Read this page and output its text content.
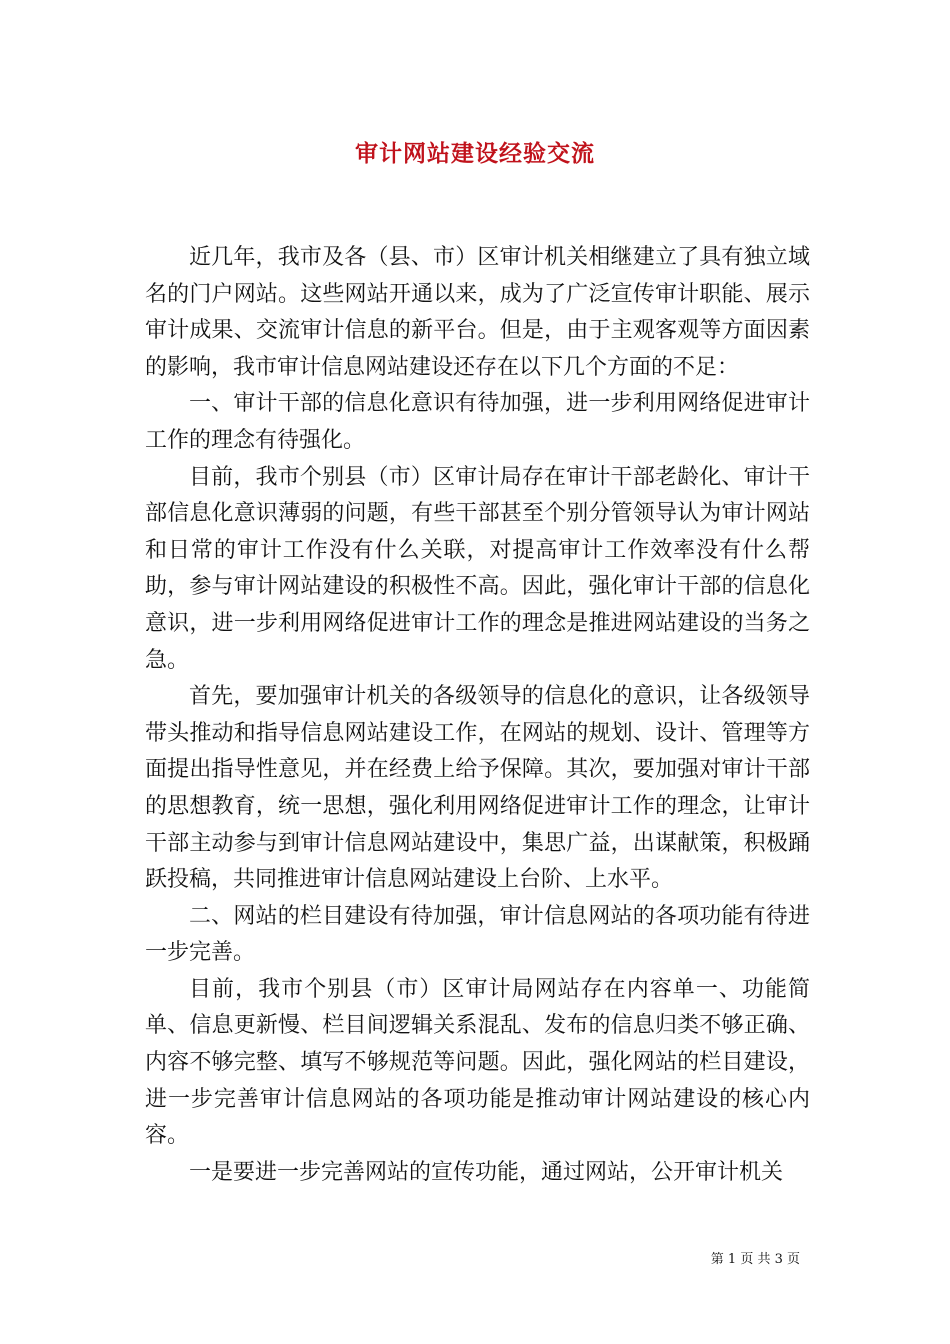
审计网站建设经验交流

近几年，我市及各（县、市）区审计机关相继建立了具有独立域名的门户网站。这些网站开通以来，成为了广泛宣传审计职能、展示审计成果、交流审计信息的新平台。但是，由于主观客观等方面因素的影响，我市审计信息网站建设还存在以下几个方面的不足：

一、审计干部的信息化意识有待加强，进一步利用网络促进审计工作的理念有待强化。

目前，我市个别县（市）区审计局存在审计干部老龄化、审计干部信息化意识薄弱的问题，有些干部甚至个别分管领导认为审计网站和日常的审计工作没有什么关联，对提高审计工作效率没有什么帮助，参与审计网站建设的积极性不高。因此，强化审计干部的信息化意识，进一步利用网络促进审计工作的理念是推进网站建设的当务之急。

首先，要加强审计机关的各级领导的信息化的意识，让各级领导带头推动和指导信息网站建设工作，在网站的规划、设计、管理等方面提出指导性意见，并在经费上给予保障。其次，要加强对审计干部的思想教育，统一思想，强化利用网络促进审计工作的理念，让审计干部主动参与到审计信息网站建设中，集思广益，出谋献策，积极踊跃投稿，共同推进审计信息网站建设上台阶、上水平。

二、网站的栏目建设有待加强，审计信息网站的各项功能有待进一步完善。

目前，我市个别县（市）区审计局网站存在内容单一、功能简单、信息更新慢、栏目间逻辑关系混乱、发布的信息归类不够正确、内容不够完整、填写不够规范等问题。因此，强化网站的栏目建设，进一步完善审计信息网站的各项功能是推动审计网站建设的核心内容。

一是要进一步完善网站的宣传功能，通过网站，公开审计机关

第 1 页 共 3 页
